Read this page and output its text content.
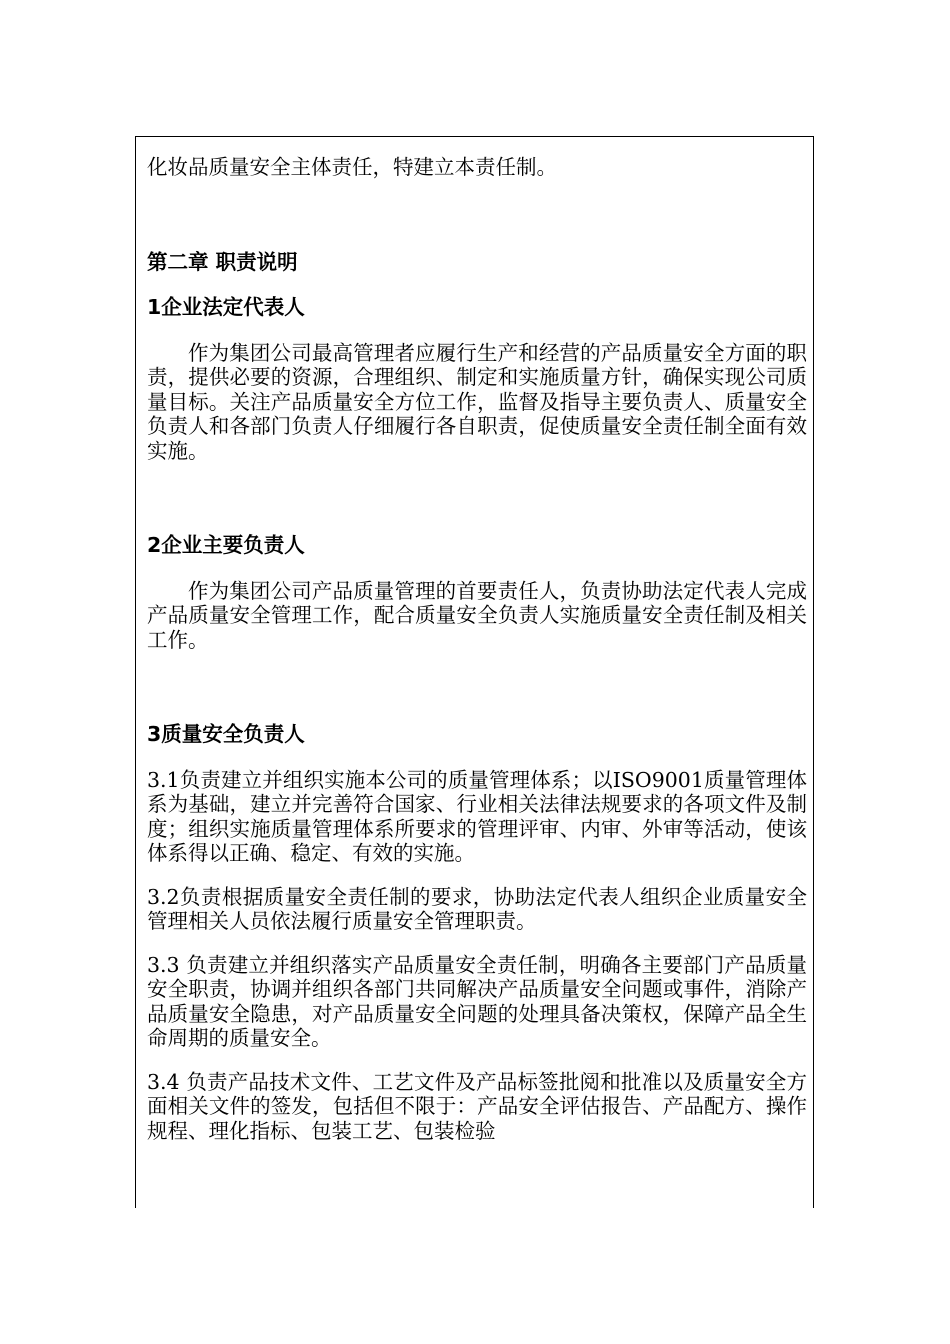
化妆品质量安全主体责任，特建立本责任制。

第二章 职责说明

1企业法定代表人

作为集团公司最高管理者应履行生产和经营的产品质量安全方面的职责，提供必要的资源，合理组织、制定和实施质量方针，确保实现公司质量目标。关注产品质量安全方位工作，监督及指导主要负责人、质量安全负责人和各部门负责人仔细履行各自职责，促使质量安全责任制全面有效实施。

2企业主要负责人

作为集团公司产品质量管理的首要责任人，负责协助法定代表人完成产品质量安全管理工作，配合质量安全负责人实施质量安全责任制及相关工作。

3质量安全负责人

3.1负责建立并组织实施本公司的质量管理体系；以ISO9001质量管理体系为基础，建立并完善符合国家、行业相关法律法规要求的各项文件及制度；组织实施质量管理体系所要求的管理评审、内审、外审等活动，使该体系得以正确、稳定、有效的实施。

3.2负责根据质量安全责任制的要求，协助法定代表人组织企业质量安全管理相关人员依法履行质量安全管理职责。

3.3 负责建立并组织落实产品质量安全责任制，明确各主要部门产品质量安全职责，协调并组织各部门共同解决产品质量安全问题或事件，消除产品质量安全隐患，对产品质量安全问题的处理具备决策权，保障产品全生命周期的质量安全。

3.4 负责产品技术文件、工艺文件及产品标签批阅和批准以及质量安全方面相关文件的签发，包括但不限于：产品安全评估报告、产品配方、操作规程、理化指标、包装工艺、包装检验
